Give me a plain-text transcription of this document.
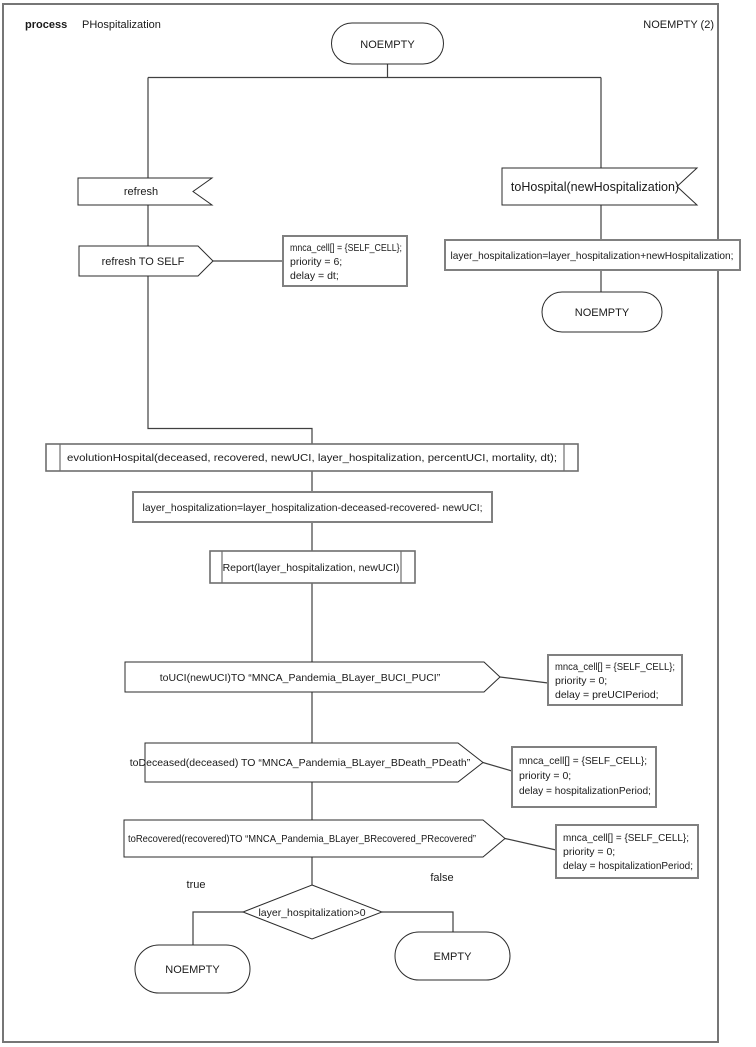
process PHospitalization	NOEMPTY (2)
NOEMPTY
refresh
refresh TO SELF
mnca_cell[] = {SELF_CELL};
priority = 6;
delay = dt;
toHospital(newHospitalization)
layer_hospitalization=layer_hospitalization+newHospitalization;
NOEMPTY
evolutionHospital(deceased, recovered, newUCI, layer_hospitalization, percentUCI, mortality, dt);
layer_hospitalization=layer_hospitalization-deceased-recovered- newUCI;
Report(layer_hospitalization, newUCI)
toUCI(newUCI)TO “MNCA_Pandemia_BLayer_BUCI_PUCI”
mnca_cell[] = {SELF_CELL};
priority = 0;
delay = preUCIPeriod;
toDeceased(deceased) TO “MNCA_Pandemia_BLayer_BDeath_PDeath”	mnca_cell[] = {SELF_CELL};
priority = 0;
delay = hospitalizationPeriod;
toRecovered(recovered)TO “MNCA_Pandemia_BLayer_BRecovered_PRecovered”	mnca_cell[] = {SELF_CELL};
priority = 0;
delay = hospitalizationPeriod;
true
false
layer_hospitalization>0
NOEMPTY
EMPTY
